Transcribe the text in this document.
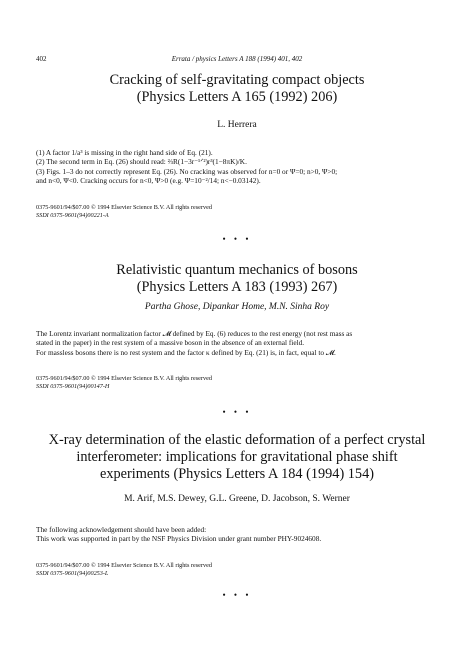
402	Errata / physics Letters A 188 (1994) 401, 402
Cracking of self-gravitating compact objects
(Physics Letters A 165 (1992) 206)
L. Herrera

(1) A factor 1/a³ is missing in the right hand side of Eq. (21).

(2) The second term in Eq. (26) should read: ⅔R(1−3r⁻¹ᐟ²)r³(1−8πK)/K.

(3) Figs. 1–3 do not correctly represent Eq. (26). No cracking was observed for n=0 or Ψ=0; n>0, Ψ>0;

and n<0, Ψ<0. Cracking occurs for n<0, Ψ>0 (e.g. Ψ=10⁻²/14; n<−0.03142).

0375-9601/94/$07.00 © 1994 Elsevier Science B.V. All rights reserved
SSDI 0375-9601(94)00221-A
• • •
Relativistic quantum mechanics of bosons
(Physics Letters A 183 (1993) 267)
Partha Ghose, Dipankar Home, M.N. Sinha Roy

The Lorentz invariant normalization factor 𝓜 defined by Eq. (6) reduces to the rest energy (not rest mass as

stated in the paper) in the rest system of a massive boson in the absence of an external field.

For massless bosons there is no rest system and the factor κ defined by Eq. (21) is, in fact, equal to 𝓜.

0375-9601/94/$07.00 © 1994 Elsevier Science B.V. All rights reserved
SSDI 0375-9601(94)00147-H
• • •
X-ray determination of the elastic deformation of a perfect crystal
interferometer: implications for gravitational phase shift
experiments (Physics Letters A 184 (1994) 154)
M. Arif, M.S. Dewey, G.L. Greene, D. Jacobson, S. Werner

The following acknowledgement should have been added:

This work was supported in part by the NSF Physics Division under grant number PHY-9024608.

0375-9601/94/$07.00 © 1994 Elsevier Science B.V. All rights reserved
SSDI 0375-9601(94)00253-L
• • •
